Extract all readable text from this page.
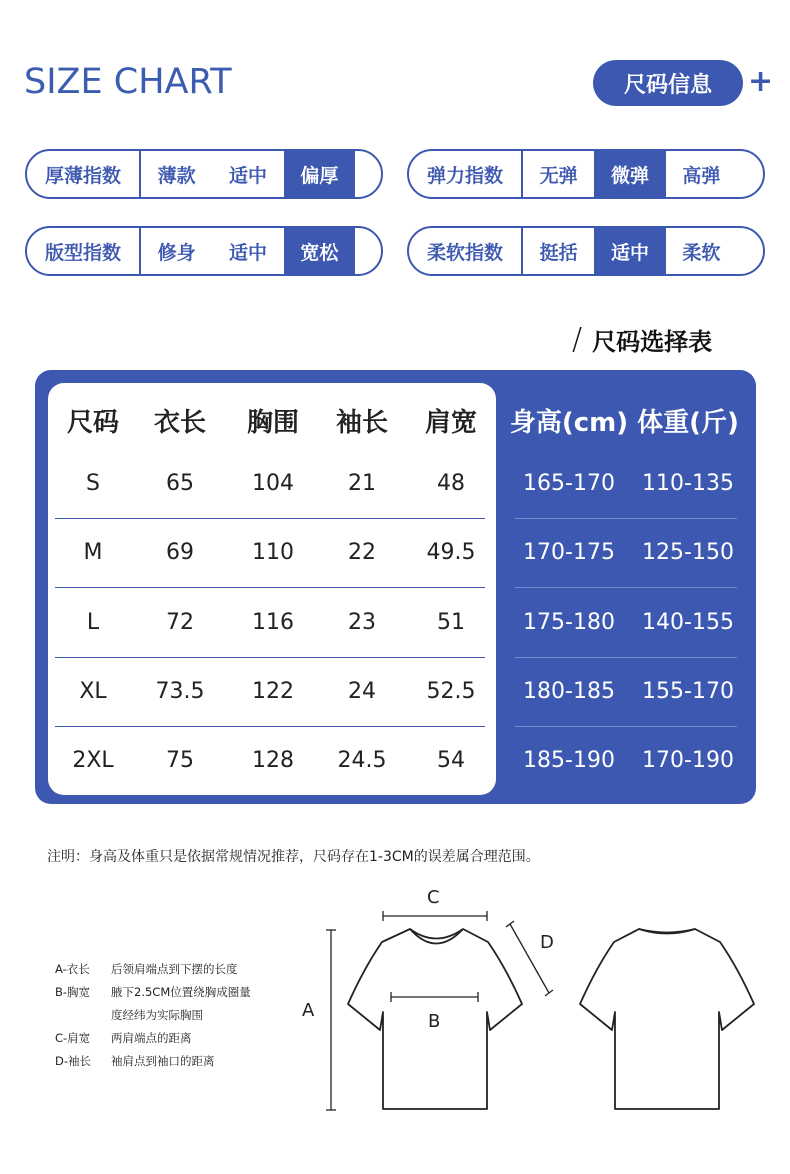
SIZE CHART	尺码信息	+
厚薄指数	薄款	适中	偏厚	弹力指数	无弹	微弹	高弹
版型指数	修身	适中	宽松	柔软指数	挺括	适中	柔软
/ 尺码选择表
尺码	衣长	胸围	袖长	肩宽	身高(cm) 体重(斤)
S	65	104	21	48	165-170	110-135
M	69	110	22	49.5	170-175	125-150
L	72	116	23	51	175-180	140-155
XL	73.5	122	24	52.5	180-185	155-170
2XL	75	128	24.5	54	185-190	170-190
注明：身高及体重只是依据常规情况推荐，尺码存在1-3CM的误差属合理范围。
A-衣长 后领肩端点到下摆的长度
B-胸宽 腋下2.5CM位置绕胸成圈量
度经纬为实际胸围
C-肩宽 两肩端点的距离
D-袖长 袖肩点到袖口的距离
A
B
C
D
